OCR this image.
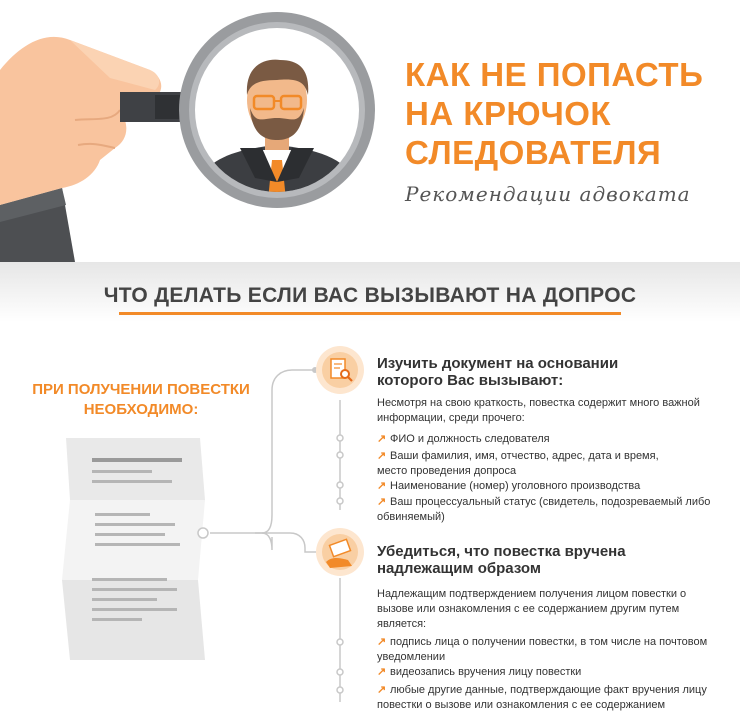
КАК НЕ ПОПАСТЬ
НА КРЮЧОК
СЛЕДОВАТЕЛЯ
Рекомендации адвоката
ЧТО ДЕЛАТЬ ЕСЛИ ВАС ВЫЗЫВАЮТ НА ДОПРОС
ПРИ ПОЛУЧЕНИИ ПОВЕСТКИ
НЕОБХОДИМО:
Изучить документ на основании
которого Вас вызывают:
Несмотря на свою краткость, повестка содержит много важной
информации, среди прочего:
↗ ФИО и должность следователя
↗ Ваши фамилия, имя, отчество, адрес, дата и время,
место проведения допроса
↗ Наименование (номер) уголовного производства
↗ Ваш процессуальный статус (свидетель, подозреваемый либо
обвиняемый)
Убедиться, что повестка вручена
надлежащим образом
Надлежащим подтверждением получения лицом повестки о
вызове или ознакомления с ее содержанием другим путем
является:
↗ подпись лица о получении повестки, в том числе на почтовом
уведомлении
↗ видеозапись вручения лицу повестки
↗ любые другие данные, подтверждающие факт вручения лицу
повестки о вызове или ознакомления с ее содержанием
